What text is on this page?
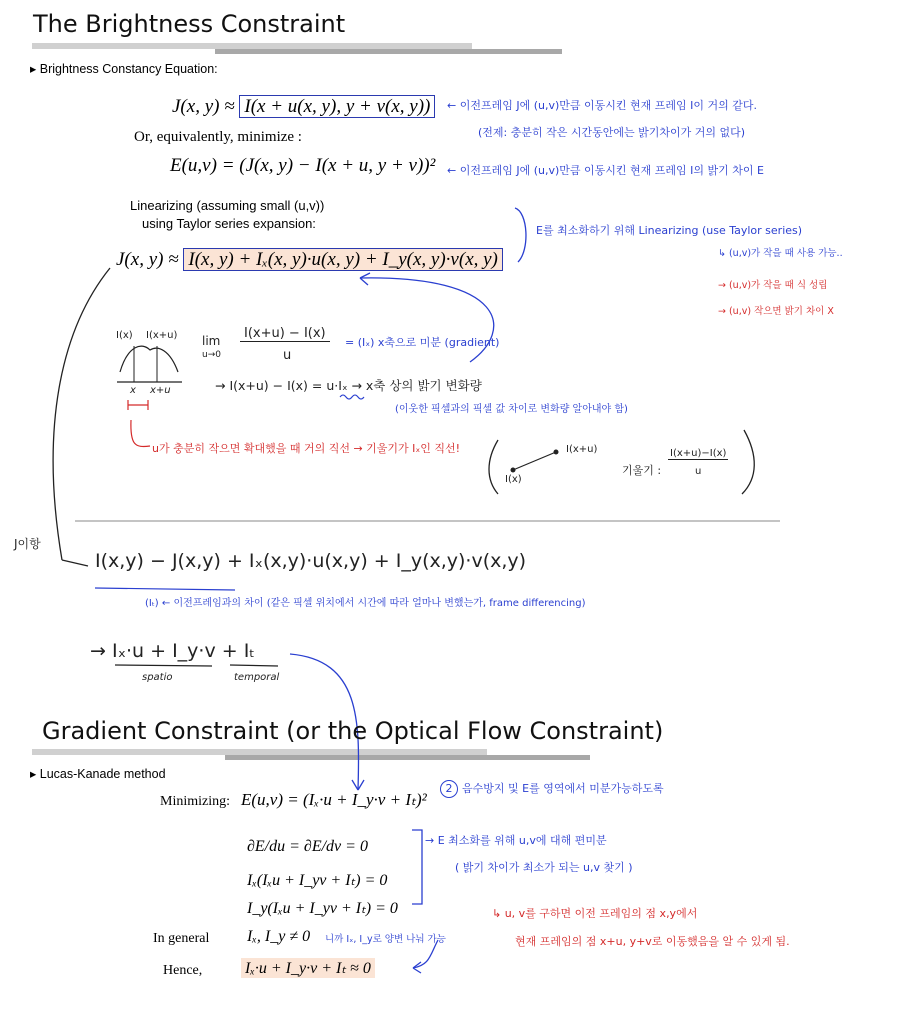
The Brightness Constraint
▸ Brightness Constancy Equation:
J(x, y) ≈ I(x + u(x, y), y + v(x, y))	← 이전프레임 J에 (u,v)만큼 이동시킨 현재 프레임 I이 거의 같다.
(전제: 충분히 작은 시간동안에는 밝기차이가 거의 없다)
Or, equivalently, minimize :
E(u,v) = (J(x, y) − I(x + u, y + v))² ← 이전프레임 J에 (u,v)만큼 이동시킨 현재 프레임 I의 밝기 차이 E
Linearizing (assuming small (u,v))
using Taylor series expansion:
J(x, y) ≈ I(x, y) + Iₓ(x, y)·u(x, y) + I_y(x, y)·v(x, y)
E를 최소화하기 위해 Linearizing (use Taylor series)
↳ (u,v)가 작을 때 사용 가능..
→ (u,v)가 작을 때 식 성립
→ (u,v) 작으면 밝기 차이 X
I(x) I(x+u)
x x+u
lim
u→0
I(x+u) − I(x)
u
= (Iₓ) x축으로 미분 (gradient)
→ I(x+u) − I(x) = u·Iₓ → x축 상의 밝기 변화량
(이웃한 픽셀과의 픽셀 값 차이로 변화량 알아내야 함)
u가 충분히 작으면 확대했을 때 거의 직선 → 기울기가 Iₓ인 직선!
I(x)
I(x+u)
기울기 :
I(x+u)−I(x)
u
J이항
I(x,y) − J(x,y) + Iₓ(x,y)·u(x,y) + I_y(x,y)·v(x,y)
(Iₜ) ← 이전프레임과의 차이 (같은 픽셀 위치에서 시간에 따라 얼마나 변했는가, frame differencing)
→ Iₓ·u + I_y·v + Iₜ
spatio	temporal
Gradient Constraint (or the Optical Flow Constraint)
▸ Lucas-Kanade method
Minimizing: E(u,v) = (Iₓ·u + I_y·v + Iₜ)²
2 음수방지 및 E를 영역에서 미분가능하도록
∂E/du = ∂E/dv = 0
Iₓ(Iₓu + I_yv + Iₜ) = 0
I_y(Iₓu + I_yv + Iₜ) = 0
→ E 최소화를 위해 u,v에 대해 편미분
( 밝기 차이가 최소가 되는 u,v 찾기 )
↳ u, v를 구하면 이전 프레임의 점 x,y에서
현재 프레임의 점 x+u, y+v로 이동했음을 알 수 있게 됨.
In general Iₓ, I_y ≠ 0 니까 Iₓ, I_y로 양변 나눠 가능
Hence,	Iₓ·u + I_y·v + Iₜ ≈ 0
